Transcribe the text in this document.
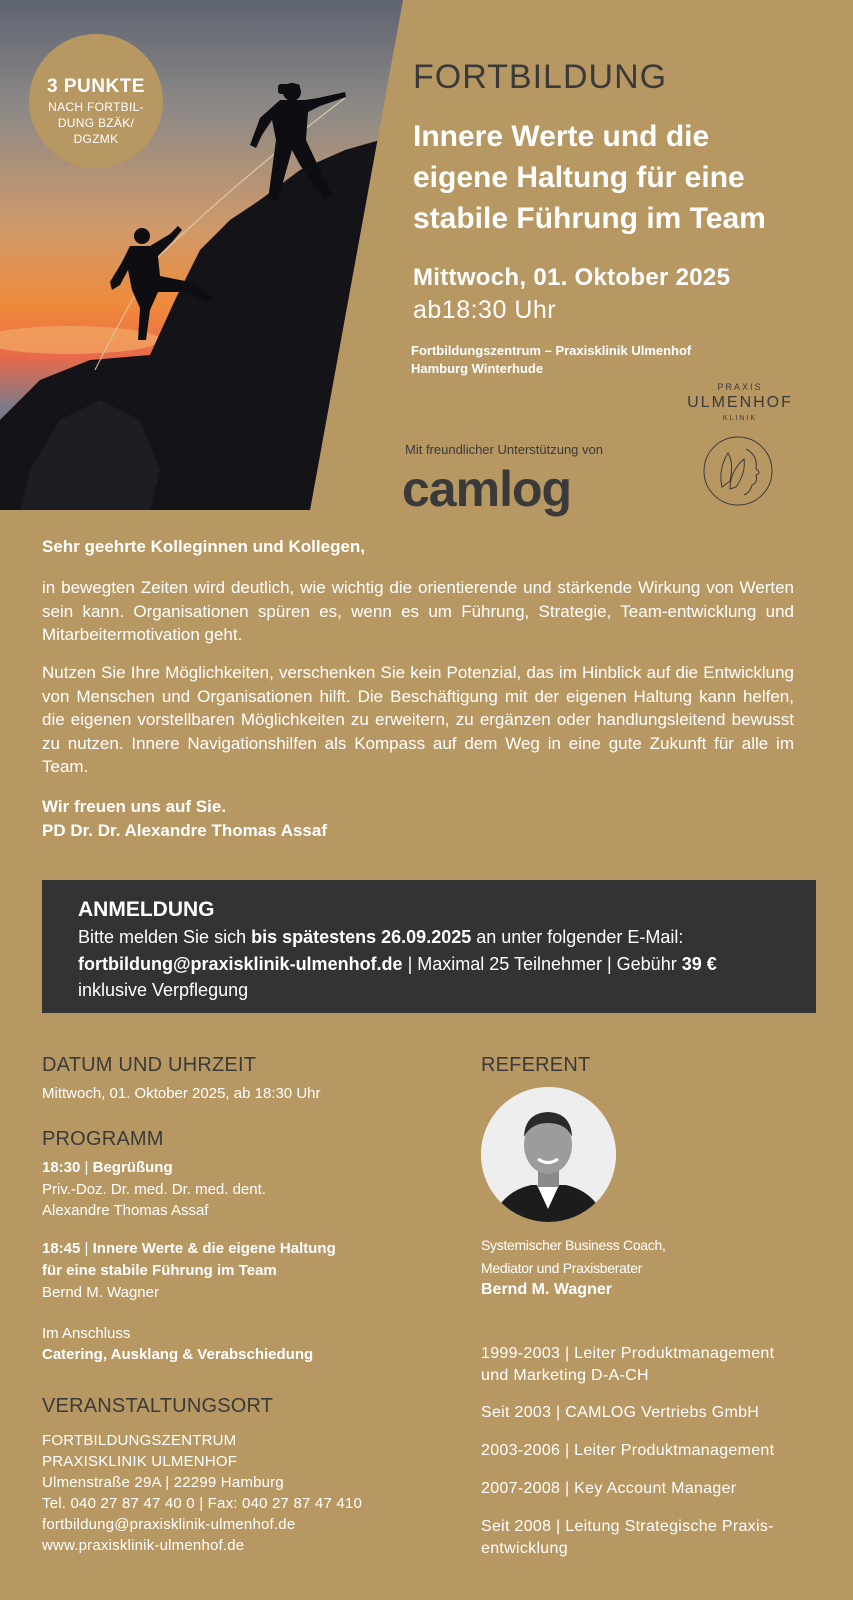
3 PUNKTE
NACH FORTBIL-
DUNG BZÄK/
DGZMK
FORTBILDUNG
Innere Werte und die
eigene Haltung für eine
stabile Führung im Team
Mittwoch, 01. Oktober 2025
ab18:30 Uhr
Fortbildungszentrum – Praxisklinik Ulmenhof
Hamburg Winterhude
PRAXIS
ULMENHOF
KLINIK
Mit freundlicher Unterstützung von
camlog
Sehr geehrte Kolleginnen und Kollegen,
in bewegten Zeiten wird deutlich, wie wichtig die orientierende und stärkende Wirkung von Werten sein kann. Organisationen spüren es, wenn es um Führung, Strategie, Team-entwicklung und Mitarbeitermotivation geht.
Nutzen Sie Ihre Möglichkeiten, verschenken Sie kein Potenzial, das im Hinblick auf die Entwicklung von Menschen und Organisationen hilft. Die Beschäftigung mit der eigenen Haltung kann helfen, die eigenen vorstellbaren Möglichkeiten zu erweitern, zu ergänzen oder handlungsleitend bewusst zu nutzen. Innere Navigationshilfen als Kompass auf dem Weg in eine gute Zukunft für alle im Team.
Wir freuen uns auf Sie.
PD Dr. Dr. Alexandre Thomas Assaf
ANMELDUNG
Bitte melden Sie sich bis spätestens 26.09.2025 an unter folgender E-Mail:
fortbildung@praxisklinik-ulmenhof.de | Maximal 25 Teilnehmer | Gebühr 39 €
inklusive Verpflegung
DATUM UND UHRZEIT
Mittwoch, 01. Oktober 2025, ab 18:30 Uhr
PROGRAMM
18:30 | Begrüßung
Priv.-Doz. Dr. med. Dr. med. dent.
Alexandre Thomas Assaf
18:45 | Innere Werte & die eigene Haltung
für eine stabile Führung im Team
Bernd M. Wagner
Im Anschluss
Catering, Ausklang & Verabschiedung
VERANSTALTUNGSORT
FORTBILDUNGSZENTRUM
PRAXISKLINIK ULMENHOF
Ulmenstraße 29A | 22299 Hamburg
Tel. 040 27 87 47 40 0 | Fax: 040 27 87 47 410
fortbildung@praxisklinik-ulmenhof.de
www.praxisklinik-ulmenhof.de
REFERENT
Systemischer Business Coach,
Mediator und Praxisberater
Bernd M. Wagner
1999-2003 | Leiter Produktmanagement
und Marketing D-A-CH
Seit 2003 | CAMLOG Vertriebs GmbH
2003-2006 | Leiter Produktmanagement
2007-2008 | Key Account Manager
Seit 2008 | Leitung Strategische Praxis-
entwicklung
